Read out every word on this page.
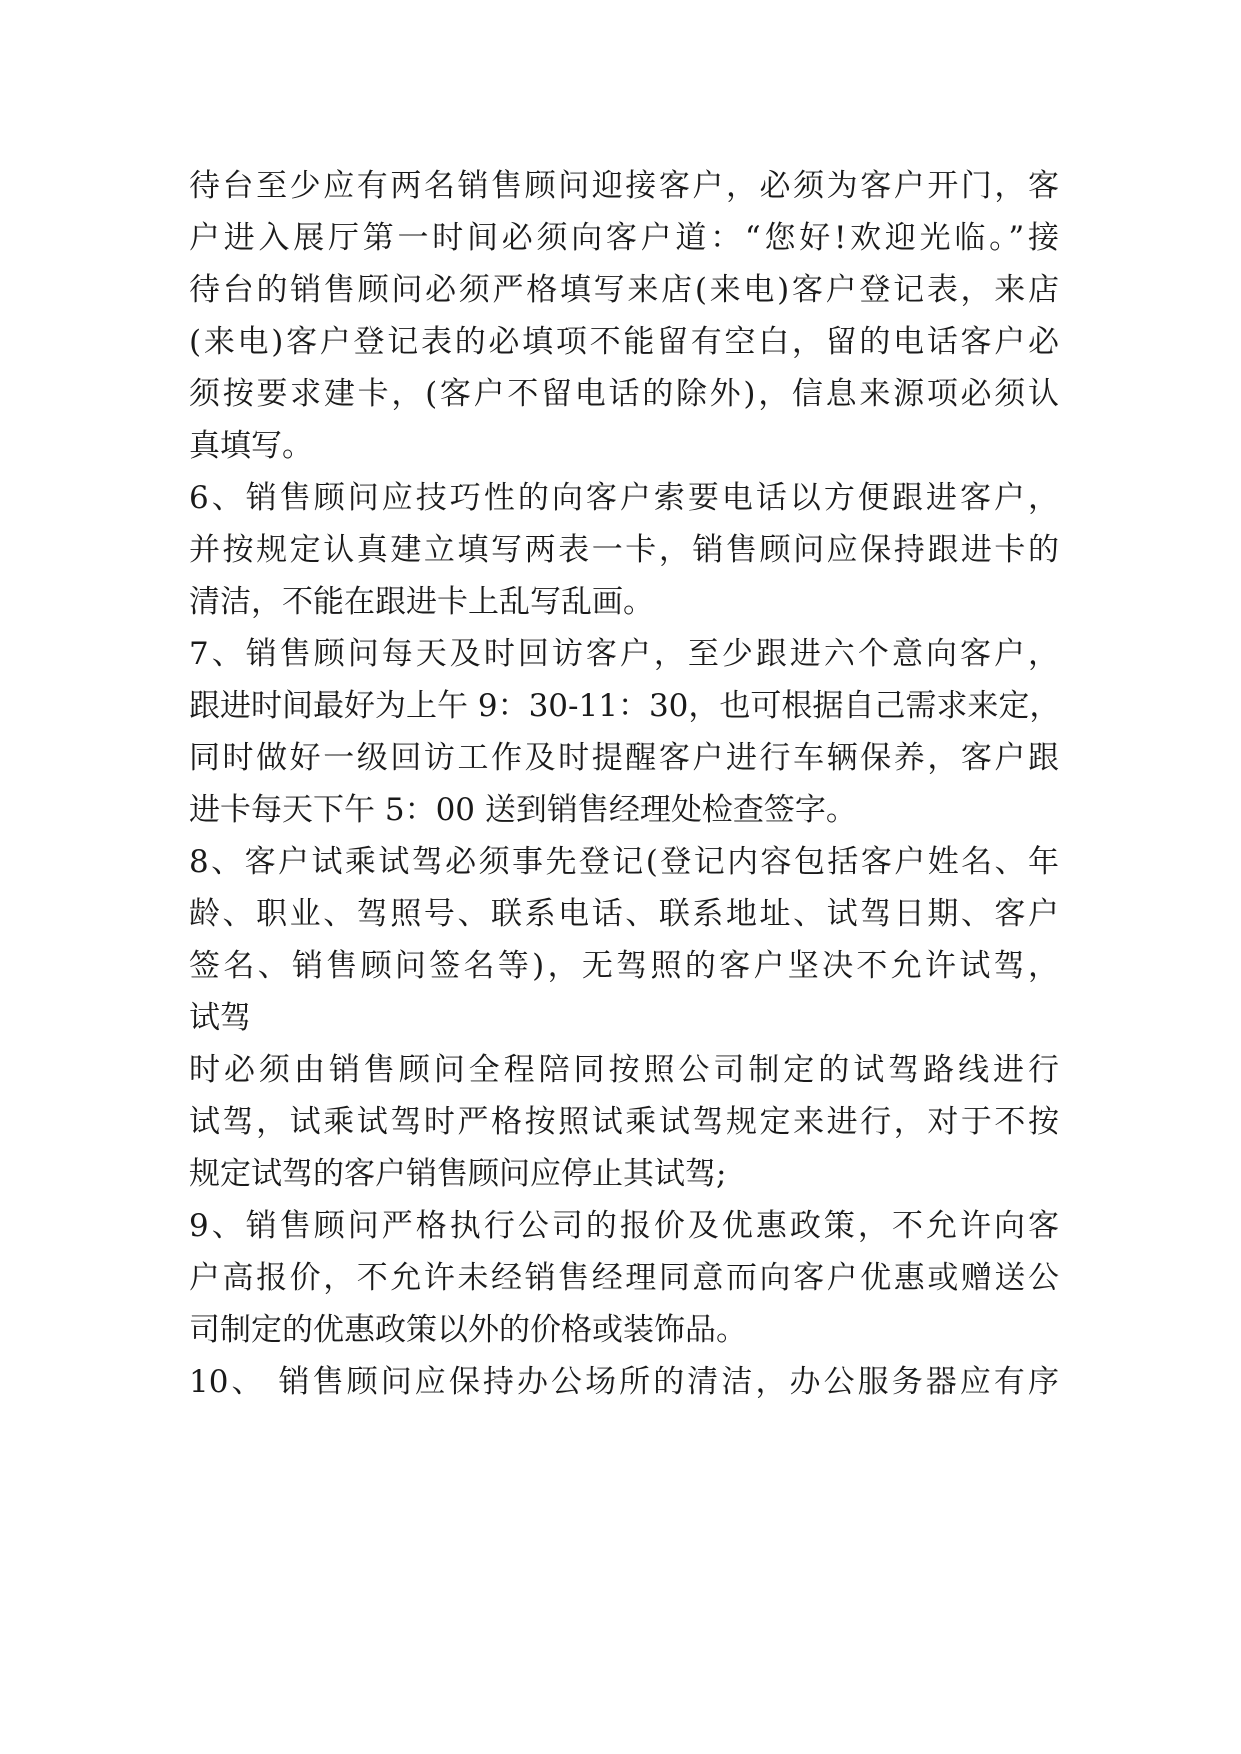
待台至少应有两名销售顾问迎接客户，必须为客户开门，客
户进入展厅第一时间必须向客户道：“您好!欢迎光临。”接
待台的销售顾问必须严格填写来店(来电)客户登记表，来店
(来电)客户登记表的必填项不能留有空白，留的电话客户必
须按要求建卡，(客户不留电话的除外)，信息来源项必须认
真填写。
6、销售顾问应技巧性的向客户索要电话以方便跟进客户，
并按规定认真建立填写两表一卡，销售顾问应保持跟进卡的
清洁，不能在跟进卡上乱写乱画。
7、销售顾问每天及时回访客户，至少跟进六个意向客户，
跟进时间最好为上午 9：30-11：30，也可根据自己需求来定，
同时做好一级回访工作及时提醒客户进行车辆保养，客户跟
进卡每天下午 5：00 送到销售经理处检查签字。
8、客户试乘试驾必须事先登记(登记内容包括客户姓名、年
龄、职业、驾照号、联系电话、联系地址、试驾日期、客户
签名、销售顾问签名等)，无驾照的客户坚决不允许试驾，
试驾
时必须由销售顾问全程陪同按照公司制定的试驾路线进行
试驾，试乘试驾时严格按照试乘试驾规定来进行，对于不按
规定试驾的客户销售顾问应停止其试驾;
9、销售顾问严格执行公司的报价及优惠政策，不允许向客
户高报价，不允许未经销售经理同意而向客户优惠或赠送公
司制定的优惠政策以外的价格或装饰品。
10、 销售顾问应保持办公场所的清洁，办公服务器应有序
